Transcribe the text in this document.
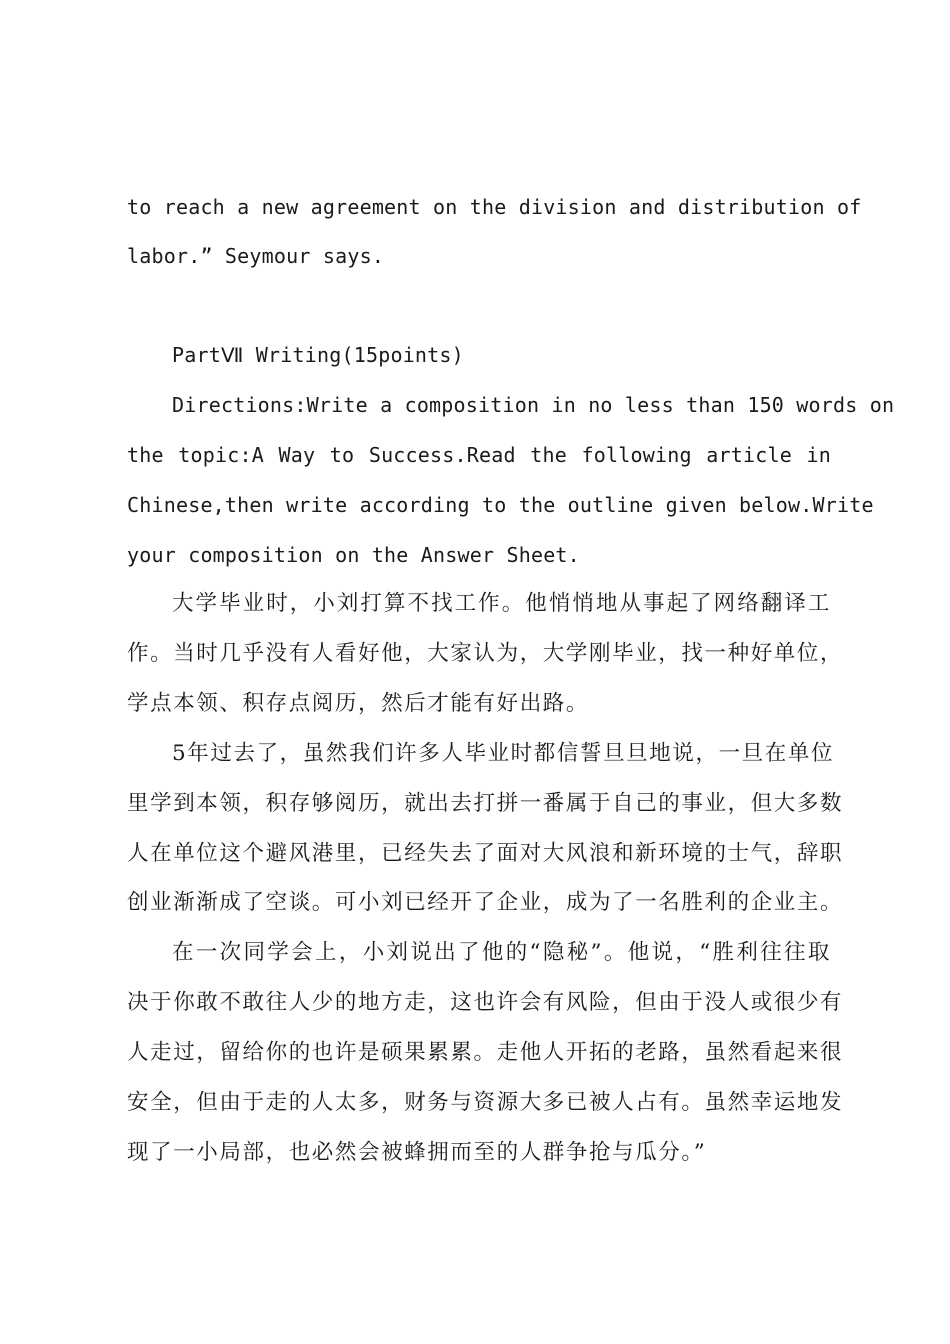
to reach a new agreement on the division and distribution of
labor.” Seymour says.
PartⅦ Writing(15points)
Directions:Write a composition in no less than 150 words on
the topic:A Way to Success.Read the following article in
Chinese,then write according to the outline given below.Write
your composition on the Answer Sheet.
大学毕业时，小刘打算不找工作。他悄悄地从事起了网络翻译工
作。当时几乎没有人看好他，大家认为，大学刚毕业，找一种好单位，
学点本领、积存点阅历，然后才能有好出路。
5年过去了，虽然我们许多人毕业时都信誓旦旦地说，一旦在单位
里学到本领，积存够阅历，就出去打拼一番属于自己的事业，但大多数
人在单位这个避风港里，已经失去了面对大风浪和新环境的士气，辞职
创业渐渐成了空谈。可小刘已经开了企业，成为了一名胜利的企业主。
在一次同学会上，小刘说出了他的“隐秘”。他说，“胜利往往取
决于你敢不敢往人少的地方走，这也许会有风险，但由于没人或很少有
人走过，留给你的也许是硕果累累。走他人开拓的老路，虽然看起来很
安全，但由于走的人太多，财务与资源大多已被人占有。虽然幸运地发
现了一小局部，也必然会被蜂拥而至的人群争抢与瓜分。”
